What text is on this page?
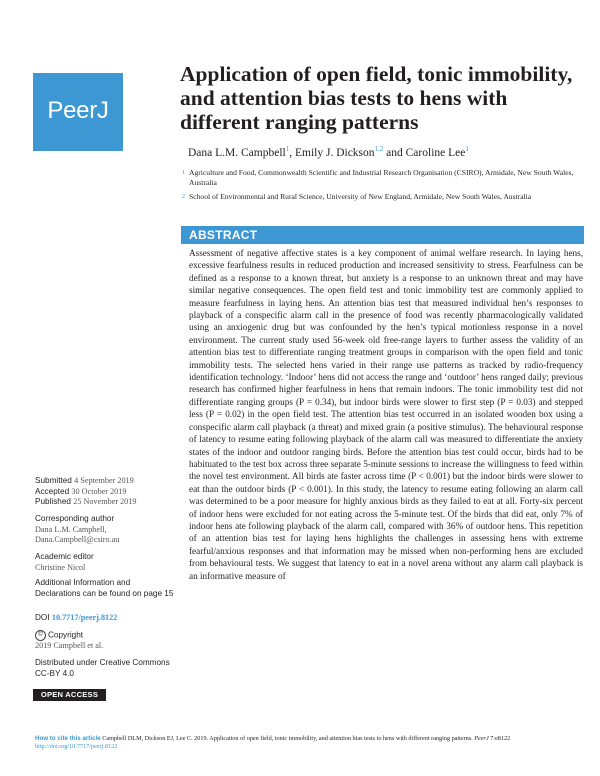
PeerJ
Application of open field, tonic immobility, and attention bias tests to hens with different ranging patterns
Dana L.M. Campbell$^1$, Emily J. Dickson$^{1,2}$ and Caroline Lee$^1$
$^1$ Agriculture and Food, Commonwealth Scientific and Industrial Research Organisation (CSIRO), Armidale, New South Wales, Australia
$^2$ School of Environmental and Rural Science, University of New England, Armidale, New South Wales, Australia
ABSTRACT

Assessment of negative affective states is a key component of animal welfare research. In laying hens, excessive fearfulness results in reduced production and increased sensitivity to stress. Fearfulness can be defined as a response to a known threat, but anxiety is a response to an unknown threat and may have similar negative consequences. The open field test and tonic immobility test are commonly applied to measure fearfulness in laying hens. An attention bias test that measured individual hen’s responses to playback of a conspecific alarm call in the presence of food was recently pharmacologically validated using an anxiogenic drug but was confounded by the hen’s typical motionless response in a novel environment. The current study used 56-week old free-range layers to further assess the validity of an attention bias test to differentiate ranging treatment groups in comparison with the open field and tonic immobility tests. The selected hens varied in their range use patterns as tracked by radio-frequency identification technology. ‘Indoor’ hens did not access the range and ‘outdoor’ hens ranged daily; previous research has confirmed higher fearfulness in hens that remain indoors. The tonic immobility test did not differentiate ranging groups (P = 0.34), but indoor birds were slower to first step (P = 0.03) and stepped less (P = 0.02) in the open field test. The attention bias test occurred in an isolated wooden box using a conspecific alarm call playback (a threat) and mixed grain (a positive stimulus). The behavioural response of latency to resume eating following playback of the alarm call was measured to differentiate the anxiety states of the indoor and outdoor ranging birds. Before the attention bias test could occur, birds had to be habituated to the test box across three separate 5-minute sessions to increase the willingness to feed within the novel test environment. All birds ate faster across time (P < 0.001) but the indoor birds were slower to eat than the outdoor birds (P < 0.001). In this study, the latency to resume eating following an alarm call was determined to be a poor measure for highly anxious birds as they failed to eat at all. Forty-six percent of indoor hens were excluded for not eating across the 5-minute test. Of the birds that did eat, only 7% of indoor hens ate following playback of the alarm call, compared with 36% of outdoor hens. This repetition of an attention bias test for laying hens highlights the challenges in assessing hens with extreme fearful/anxious responses and that information may be missed when non-performing hens are excluded from behavioural tests. We suggest that latency to eat in a novel arena without any alarm call playback is an informative measure of

Submitted 4 September 2019
Accepted 30 October 2019
Published 25 November 2019
Corresponding author
Dana L.M. Campbell,
Dana.Campbell@csiro.au
Academic editor
Christine Nicol
Additional Information and Declarations can be found on page 15
DOI 10.7717/peerj.8122
© Copyright
2019 Campbell et al.
Distributed under Creative Commons CC-BY 4.0
OPEN ACCESS
How to cite this article Campbell DLM, Dickson EJ, Lee C. 2019. Application of open field, tonic immobility, and attention bias tests to hens with different ranging patterns. PeerJ 7:e8122 http://doi.org/10.7717/peerj.8122
